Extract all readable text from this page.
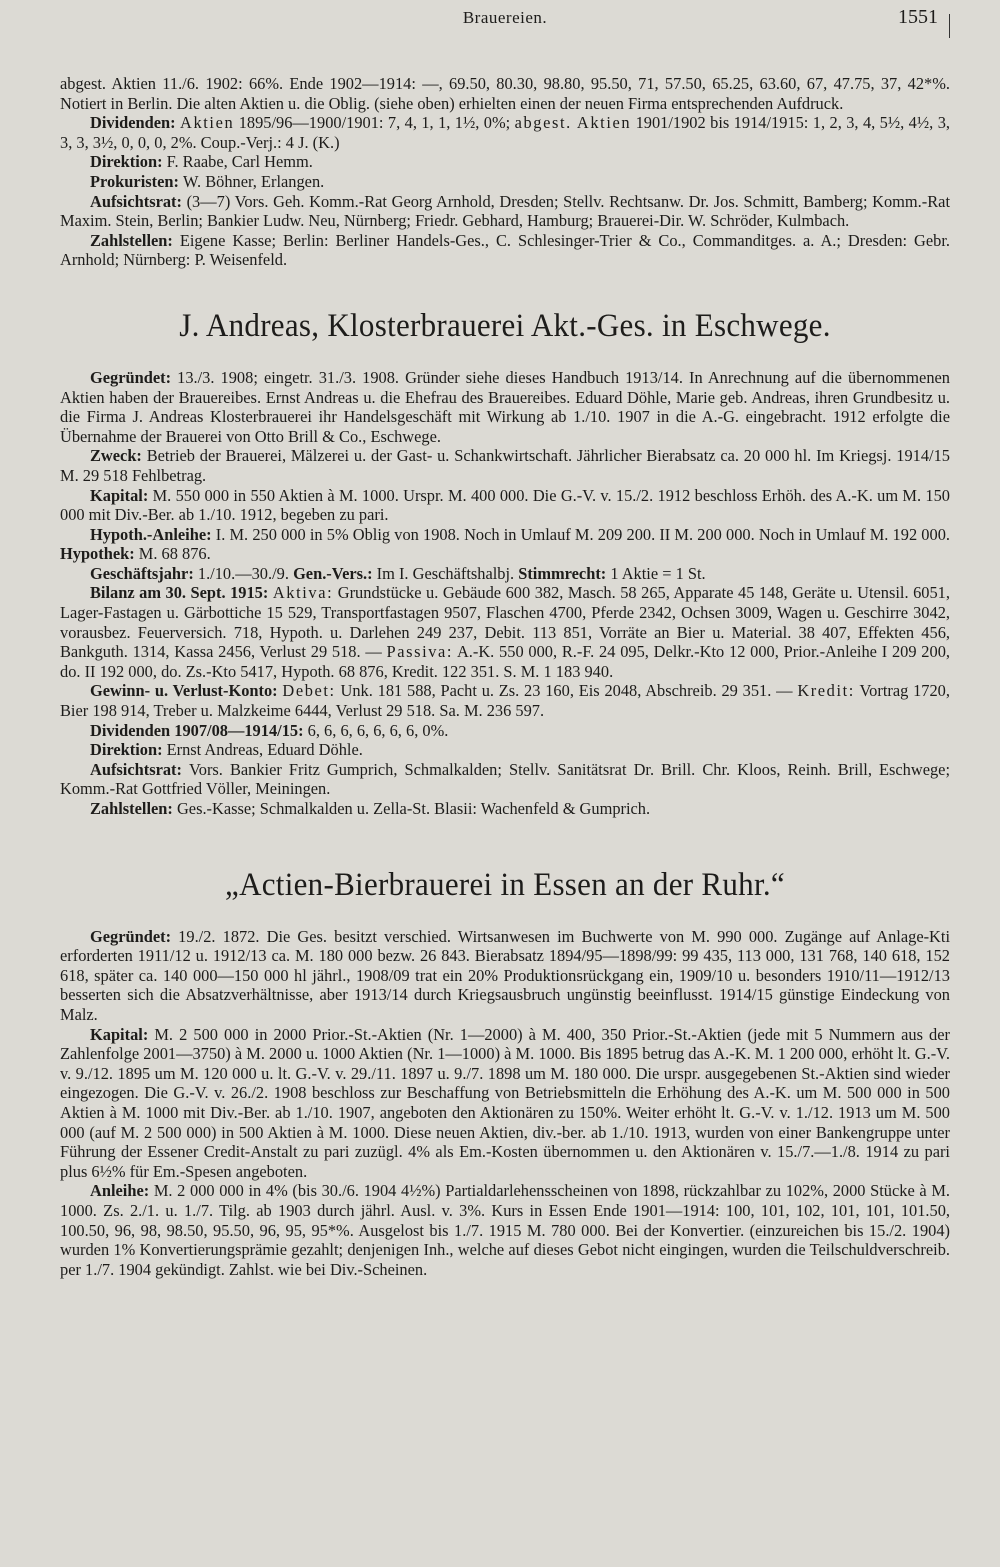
Brauereien.	1551

abgest. Aktien 11./6. 1902: 66%. Ende 1902—1914: —, 69.50, 80.30, 98.80, 95.50, 71, 57.50, 65.25, 63.60, 67, 47.75, 37, 42*%. Notiert in Berlin. Die alten Aktien u. die Oblig. (siehe oben) erhielten einen der neuen Firma entsprechenden Aufdruck.

Dividenden: Aktien 1895/96—1900/1901: 7, 4, 1, 1, 1½, 0%; abgest. Aktien 1901/1902 bis 1914/1915: 1, 2, 3, 4, 5½, 4½, 3, 3, 3, 3½, 0, 0, 0, 2%. Coup.-Verj.: 4 J. (K.)

Direktion: F. Raabe, Carl Hemm.

Prokuristen: W. Böhner, Erlangen.

Aufsichtsrat: (3—7) Vors. Geh. Komm.-Rat Georg Arnhold, Dresden; Stellv. Rechtsanw. Dr. Jos. Schmitt, Bamberg; Komm.-Rat Maxim. Stein, Berlin; Bankier Ludw. Neu, Nürnberg; Friedr. Gebhard, Hamburg; Brauerei-Dir. W. Schröder, Kulmbach.

Zahlstellen: Eigene Kasse; Berlin: Berliner Handels-Ges., C. Schlesinger-Trier & Co., Commanditges. a. A.; Dresden: Gebr. Arnhold; Nürnberg: P. Weisenfeld.

J. Andreas, Klosterbrauerei Akt.-Ges. in Eschwege.

Gegründet: 13./3. 1908; eingetr. 31./3. 1908. Gründer siehe dieses Handbuch 1913/14. In Anrechnung auf die übernommenen Aktien haben der Brauereibes. Ernst Andreas u. die Ehefrau des Brauereibes. Eduard Döhle, Marie geb. Andreas, ihren Grundbesitz u. die Firma J. Andreas Klosterbrauerei ihr Handelsgeschäft mit Wirkung ab 1./10. 1907 in die A.-G. eingebracht. 1912 erfolgte die Übernahme der Brauerei von Otto Brill & Co., Eschwege.

Zweck: Betrieb der Brauerei, Mälzerei u. der Gast- u. Schankwirtschaft. Jährlicher Bierabsatz ca. 20 000 hl. Im Kriegsj. 1914/15 M. 29 518 Fehlbetrag.

Kapital: M. 550 000 in 550 Aktien à M. 1000. Urspr. M. 400 000. Die G.-V. v. 15./2. 1912 beschloss Erhöh. des A.-K. um M. 150 000 mit Div.-Ber. ab 1./10. 1912, begeben zu pari.

Hypoth.-Anleihe: I. M. 250 000 in 5% Oblig von 1908. Noch in Umlauf M. 209 200. II M. 200 000. Noch in Umlauf M. 192 000. Hypothek: M. 68 876.

Geschäftsjahr: 1./10.—30./9. Gen.-Vers.: Im I. Geschäftshalbj. Stimmrecht: 1 Aktie = 1 St.

Bilanz am 30. Sept. 1915: Aktiva: Grundstücke u. Gebäude 600 382, Masch. 58 265, Apparate 45 148, Geräte u. Utensil. 6051, Lager-Fastagen u. Gärbottiche 15 529, Transportfastagen 9507, Flaschen 4700, Pferde 2342, Ochsen 3009, Wagen u. Geschirre 3042, vorausbez. Feuerversich. 718, Hypoth. u. Darlehen 249 237, Debit. 113 851, Vorräte an Bier u. Material. 38 407, Effekten 456, Bankguth. 1314, Kassa 2456, Verlust 29 518. — Passiva: A.-K. 550 000, R.-F. 24 095, Delkr.-Kto 12 000, Prior.-Anleihe I 209 200, do. II 192 000, do. Zs.-Kto 5417, Hypoth. 68 876, Kredit. 122 351. S. M. 1 183 940.

Gewinn- u. Verlust-Konto: Debet: Unk. 181 588, Pacht u. Zs. 23 160, Eis 2048, Abschreib. 29 351. — Kredit: Vortrag 1720, Bier 198 914, Treber u. Malzkeime 6444, Verlust 29 518. Sa. M. 236 597.

Dividenden 1907/08—1914/15: 6, 6, 6, 6, 6, 6, 6, 0%.

Direktion: Ernst Andreas, Eduard Döhle.

Aufsichtsrat: Vors. Bankier Fritz Gumprich, Schmalkalden; Stellv. Sanitätsrat Dr. Brill. Chr. Kloos, Reinh. Brill, Eschwege; Komm.-Rat Gottfried Völler, Meiningen.

Zahlstellen: Ges.-Kasse; Schmalkalden u. Zella-St. Blasii: Wachenfeld & Gumprich.

„Actien-Bierbrauerei in Essen an der Ruhr.“

Gegründet: 19./2. 1872. Die Ges. besitzt verschied. Wirtsanwesen im Buchwerte von M. 990 000. Zugänge auf Anlage-Kti erforderten 1911/12 u. 1912/13 ca. M. 180 000 bezw. 26 843. Bierabsatz 1894/95—1898/99: 99 435, 113 000, 131 768, 140 618, 152 618, später ca. 140 000—150 000 hl jährl., 1908/09 trat ein 20% Produktionsrückgang ein, 1909/10 u. besonders 1910/11—1912/13 besserten sich die Absatzverhältnisse, aber 1913/14 durch Kriegsausbruch ungünstig beeinflusst. 1914/15 günstige Eindeckung von Malz.

Kapital: M. 2 500 000 in 2000 Prior.-St.-Aktien (Nr. 1—2000) à M. 400, 350 Prior.-St.-Aktien (jede mit 5 Nummern aus der Zahlenfolge 2001—3750) à M. 2000 u. 1000 Aktien (Nr. 1—1000) à M. 1000. Bis 1895 betrug das A.-K. M. 1 200 000, erhöht lt. G.-V. v. 9./12. 1895 um M. 120 000 u. lt. G.-V. v. 29./11. 1897 u. 9./7. 1898 um M. 180 000. Die urspr. ausgegebenen St.-Aktien sind wieder eingezogen. Die G.-V. v. 26./2. 1908 beschloss zur Beschaffung von Betriebsmitteln die Erhöhung des A.-K. um M. 500 000 in 500 Aktien à M. 1000 mit Div.-Ber. ab 1./10. 1907, angeboten den Aktionären zu 150%. Weiter erhöht lt. G.-V. v. 1./12. 1913 um M. 500 000 (auf M. 2 500 000) in 500 Aktien à M. 1000. Diese neuen Aktien, div.-ber. ab 1./10. 1913, wurden von einer Bankengruppe unter Führung der Essener Credit-Anstalt zu pari zuzügl. 4% als Em.-Kosten übernommen u. den Aktionären v. 15./7.—1./8. 1914 zu pari plus 6½% für Em.-Spesen angeboten.

Anleihe: M. 2 000 000 in 4% (bis 30./6. 1904 4½%) Partialdarlehensscheinen von 1898, rückzahlbar zu 102%, 2000 Stücke à M. 1000. Zs. 2./1. u. 1./7. Tilg. ab 1903 durch jährl. Ausl. v. 3%. Kurs in Essen Ende 1901—1914: 100, 101, 102, 101, 101, 101.50, 100.50, 96, 98, 98.50, 95.50, 96, 95, 95*%. Ausgelost bis 1./7. 1915 M. 780 000. Bei der Konvertier. (einzureichen bis 15./2. 1904) wurden 1% Konvertierungsprämie gezahlt; denjenigen Inh., welche auf dieses Gebot nicht eingingen, wurden die Teilschuldverschreib. per 1./7. 1904 gekündigt. Zahlst. wie bei Div.-Scheinen.
